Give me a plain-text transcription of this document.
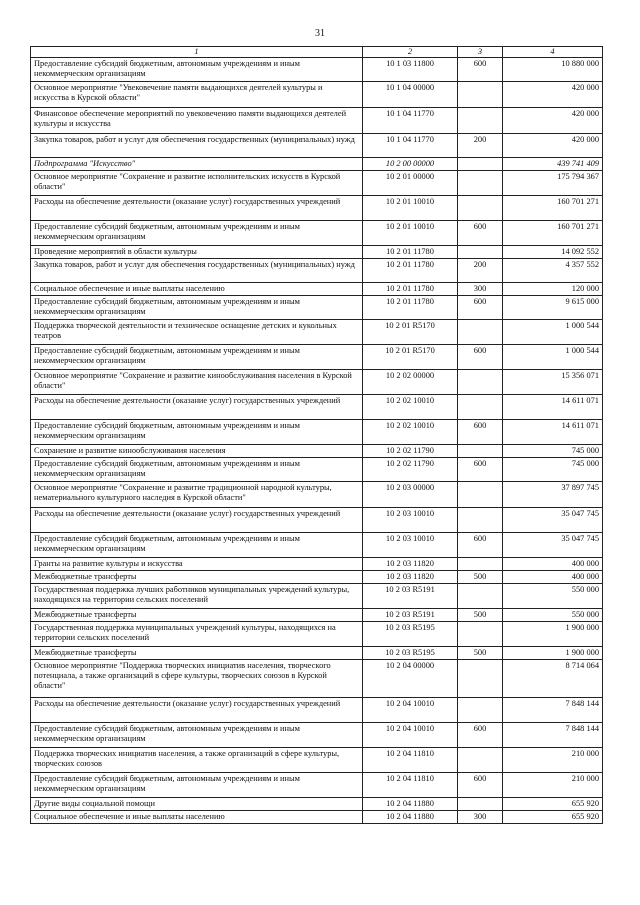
31
1	2	3	4
Предоставление субсидий бюджетным, автономным учреждениям и иным некоммерческим организациям	10 1 03 11800	600	10 880 000
Основное мероприятие "Увековечение памяти выдающихся деятелей культуры и искусства в Курской области"	10 1 04 00000		420 000
Финансовое обеспечение мероприятий по увековечению памяти выдающихся деятелей культуры и искусства	10 1 04 11770		420 000
Закупка товаров, работ и услуг для обеспечения государственных (муниципальных) нужд	10 1 04 11770	200	420 000
Подпрограмма "Искусство"	10 2 00 00000		439 741 409
Основное мероприятие "Сохранение и развитие исполнительских искусств в Курской области"	10 2 01 00000		175 794 367
Расходы на обеспечение деятельности (оказание услуг) государственных учреждений	10 2 01 10010		160 701 271
Предоставление субсидий бюджетным, автономным учреждениям и иным некоммерческим организациям	10 2 01 10010	600	160 701 271
Проведение мероприятий в области культуры	10 2 01 11780		14 092 552
Закупка товаров, работ и услуг для обеспечения государственных (муниципальных) нужд	10 2 01 11780	200	4 357 552
Социальное обеспечение и иные выплаты населению	10 2 01 11780	300	120 000
Предоставление субсидий бюджетным, автономным учреждениям и иным некоммерческим организациям	10 2 01 11780	600	9 615 000
Поддержка творческой деятельности и техническое оснащение детских и кукольных театров	10 2 01 R5170		1 000 544
Предоставление субсидий бюджетным, автономным учреждениям и иным некоммерческим организациям	10 2 01 R5170	600	1 000 544
Основное мероприятие "Сохранение и развитие кинообслуживания населения в Курской области"	10 2 02 00000		15 356 071
Расходы на обеспечение деятельности (оказание услуг) государственных учреждений	10 2 02 10010		14 611 071
Предоставление субсидий бюджетным, автономным учреждениям и иным некоммерческим организациям	10 2 02 10010	600	14 611 071
Сохранение и развитие кинообслуживания населения	10 2 02 11790		745 000
Предоставление субсидий бюджетным, автономным учреждениям и иным некоммерческим организациям	10 2 02 11790	600	745 000
Основное мероприятие "Сохранение и развитие традиционной народной культуры, нематериального культурного наследия в Курской области"	10 2 03 00000		37 897 745
Расходы на обеспечение деятельности (оказание услуг) государственных учреждений	10 2 03 10010		35 047 745
Предоставление субсидий бюджетным, автономным учреждениям и иным некоммерческим организациям	10 2 03 10010	600	35 047 745
Гранты на развитие культуры и искусства	10 2 03 11820		400 000
Межбюджетные трансферты	10 2 03 11820	500	400 000
Государственная поддержка лучших работников муниципальных учреждений культуры, находящихся на территории сельских поселений	10 2 03 R5191		550 000
Межбюджетные трансферты	10 2 03 R5191	500	550 000
Государственная поддержка муниципальных учреждений культуры, находящихся на территории сельских поселений	10 2 03 R5195		1 900 000
Межбюджетные трансферты	10 2 03 R5195	500	1 900 000
Основное мероприятие "Поддержка творческих инициатив населения, творческого потенциала, а также организаций в сфере культуры, творческих союзов в Курской области"	10 2 04 00000		8 714 064
Расходы на обеспечение деятельности (оказание услуг) государственных учреждений	10 2 04 10010		7 848 144
Предоставление субсидий бюджетным, автономным учреждениям и иным некоммерческим организациям	10 2 04 10010	600	7 848 144
Поддержка творческих инициатив населения, а также организаций в сфере культуры, творческих союзов	10 2 04 11810		210 000
Предоставление субсидий бюджетным, автономным учреждениям и иным некоммерческим организациям	10 2 04 11810	600	210 000
Другие виды социальной помощи	10 2 04 11880		655 920
Социальное обеспечение и иные выплаты населению	10 2 04 11880	300	655 920
